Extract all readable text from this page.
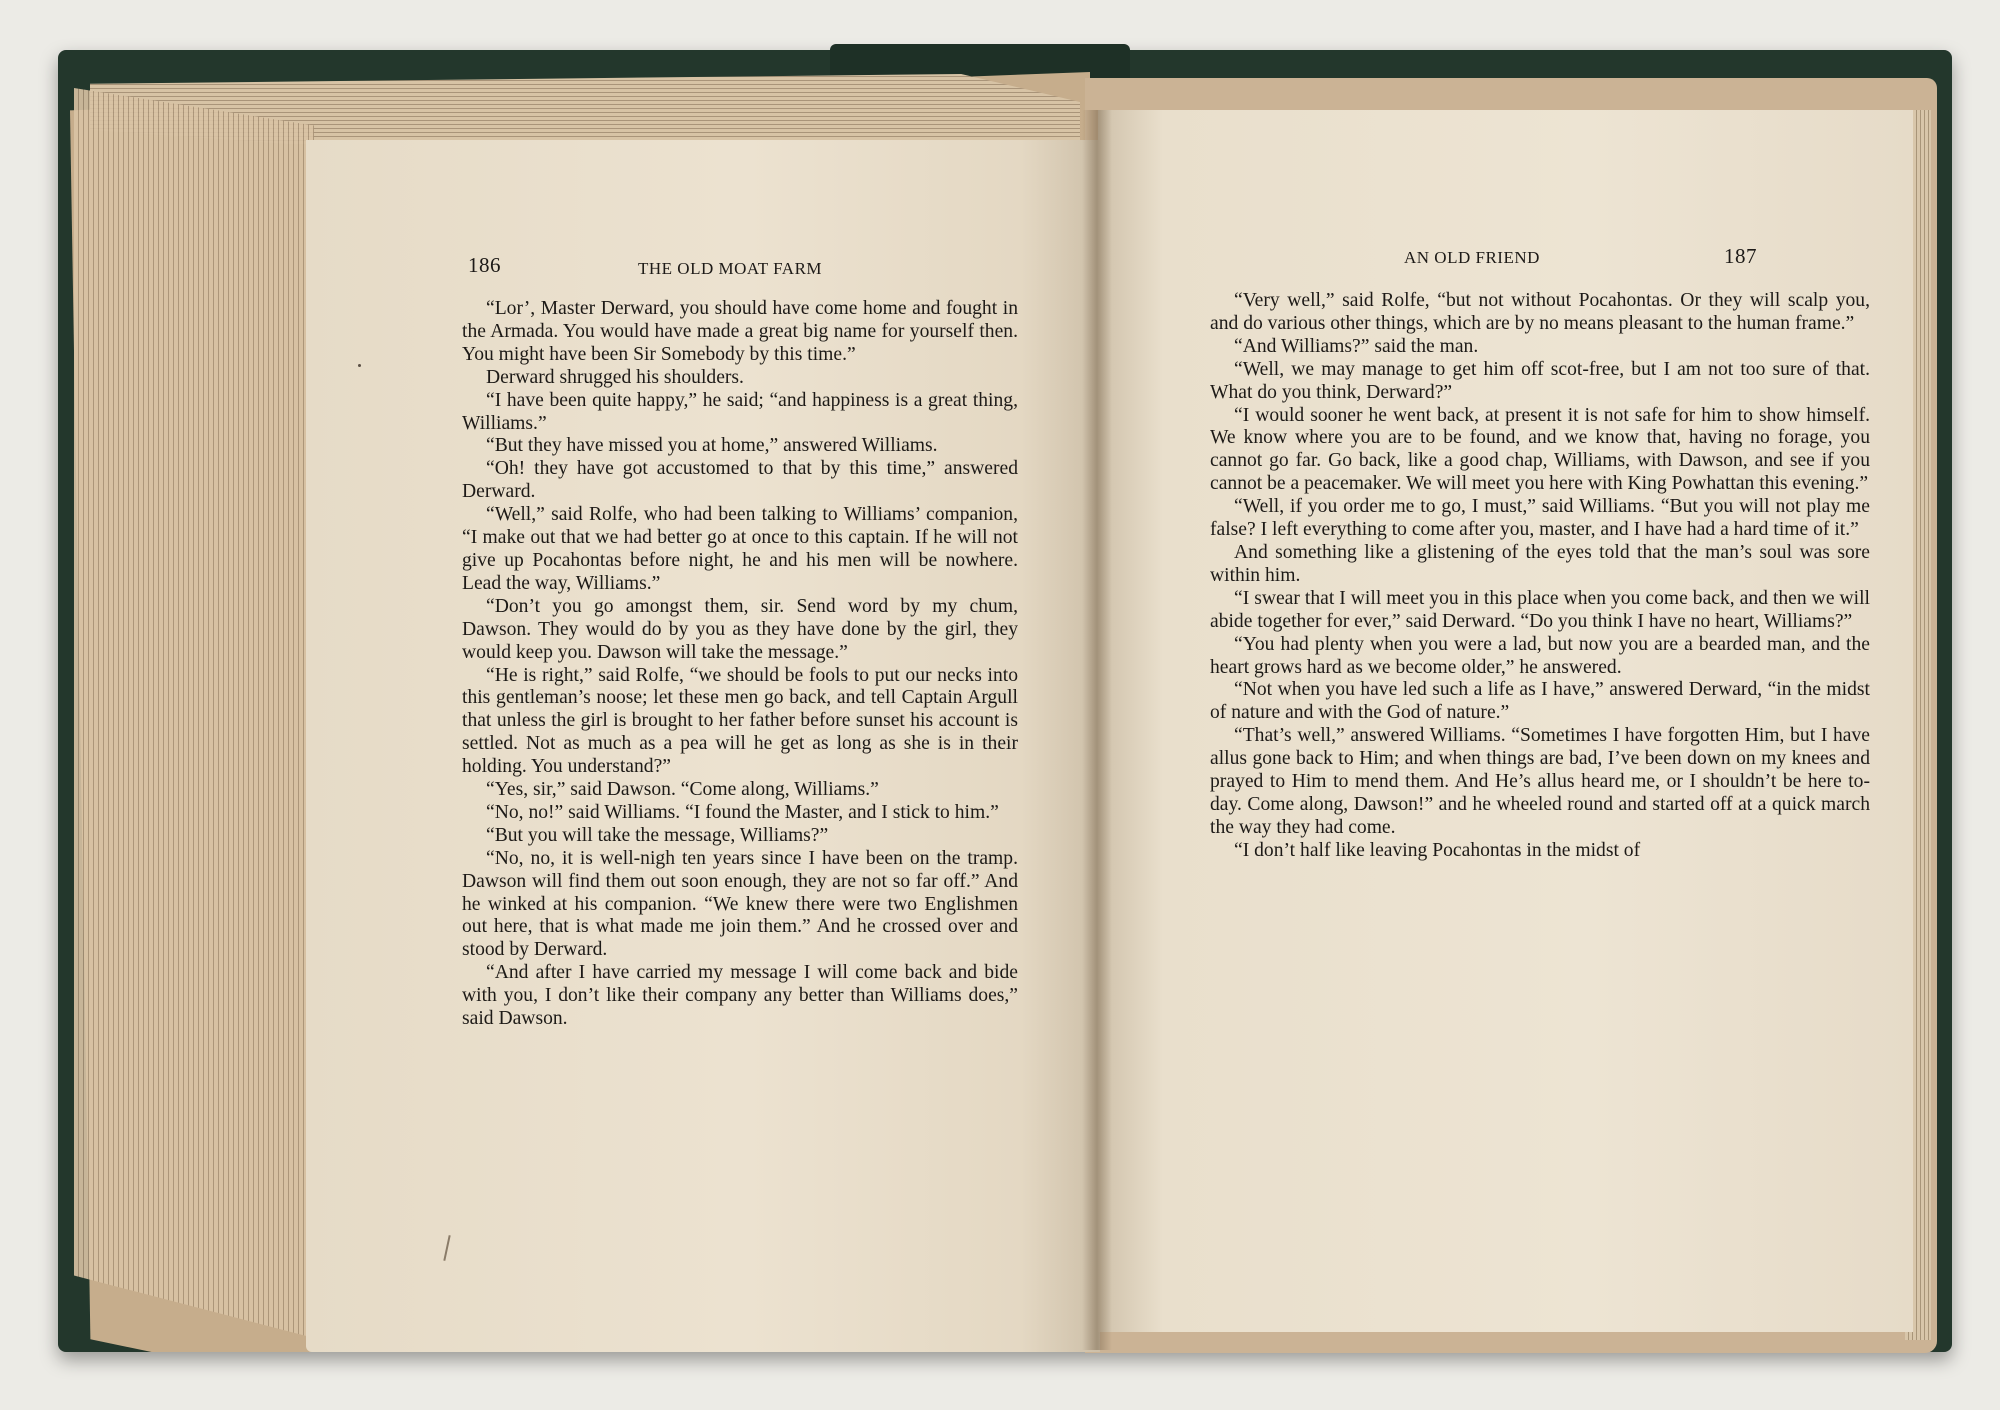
186	THE OLD MOAT FARM

“Lor’, Master Derward, you should have come home and fought in the Armada. You would have made a great big name for yourself then. You might have been Sir Somebody by this time.”

Derward shrugged his shoulders.

“I have been quite happy,” he said; “and happiness is a great thing, Williams.”

“But they have missed you at home,” answered Williams.

“Oh! they have got accustomed to that by this time,” answered Derward.

“Well,” said Rolfe, who had been talking to Williams’ companion, “I make out that we had better go at once to this captain. If he will not give up Pocahontas before night, he and his men will be nowhere. Lead the way, Williams.”

“Don’t you go amongst them, sir. Send word by my chum, Dawson. They would do by you as they have done by the girl, they would keep you. Dawson will take the message.”

“He is right,” said Rolfe, “we should be fools to put our necks into this gentleman’s noose; let these men go back, and tell Captain Argull that unless the girl is brought to her father before sunset his account is settled. Not as much as a pea will he get as long as she is in their holding. You understand?”

“Yes, sir,” said Dawson. “Come along, Williams.”

“No, no!” said Williams. “I found the Master, and I stick to him.”

“But you will take the message, Williams?”

“No, no, it is well-nigh ten years since I have been on the tramp. Dawson will find them out soon enough, they are not so far off.” And he winked at his companion. “We knew there were two Englishmen out here, that is what made me join them.” And he crossed over and stood by Derward.

“And after I have carried my message I will come back and bide with you, I don’t like their company any better than Williams does,” said Dawson.

AN OLD FRIEND	187

“Very well,” said Rolfe, “but not without Pocahontas. Or they will scalp you, and do various other things, which are by no means pleasant to the human frame.”

“And Williams?” said the man.

“Well, we may manage to get him off scot-free, but I am not too sure of that. What do you think, Derward?”

“I would sooner he went back, at present it is not safe for him to show himself. We know where you are to be found, and we know that, having no forage, you cannot go far. Go back, like a good chap, Williams, with Dawson, and see if you cannot be a peacemaker. We will meet you here with King Powhattan this evening.”

“Well, if you order me to go, I must,” said Williams. “But you will not play me false? I left everything to come after you, master, and I have had a hard time of it.”

And something like a glistening of the eyes told that the man’s soul was sore within him.

“I swear that I will meet you in this place when you come back, and then we will abide together for ever,” said Derward. “Do you think I have no heart, Williams?”

“You had plenty when you were a lad, but now you are a bearded man, and the heart grows hard as we become older,” he answered.

“Not when you have led such a life as I have,” answered Derward, “in the midst of nature and with the God of nature.”

“That’s well,” answered Williams. “Sometimes I have forgotten Him, but I have allus gone back to Him; and when things are bad, I’ve been down on my knees and prayed to Him to mend them. And He’s allus heard me, or I shouldn’t be here to-day. Come along, Dawson!” and he wheeled round and started off at a quick march the way they had come.

“I don’t half like leaving Pocahontas in the midst of
